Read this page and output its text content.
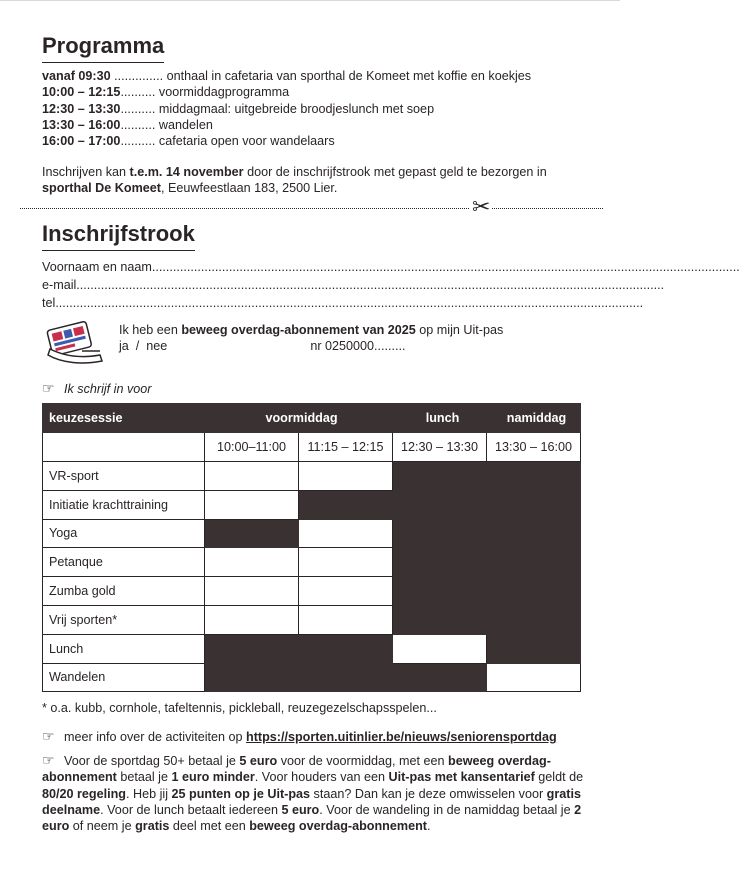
Programma
vanaf 09:30 .............. onthaal in cafetaria van sporthal de Komeet met koffie en koekjes
10:00 – 12:15.......... voormiddagprogramma
12:30 – 13:30.......... middagmaal: uitgebreide broodjeslunch met soep
13:30 – 16:00.......... wandelen
16:00 – 17:00.......... cafetaria open voor wandelaars
Inschrijven kan t.e.m. 14 november door de inschrijfstrook met gepast geld te bezorgen in sporthal De Komeet, Eeuwfeestlaan 183, 2500 Lier.
✂
Inschrijfstrook
Voornaam en naam........................................................................................................................................................................
e-mail........................................................................................................................................................................
tel........................................................................................................................................................................
Ik heb een beweeg overdag-abonnement van 2025 op mijn Uit-pas
ja  /  nee	nr 0250000.........
☞ Ik schrijf in voor
keuzesessie	voormiddag		lunch	namiddag
	10:00–11:00	11:15 – 12:15	12:30 – 13:30	13:30 – 16:00
VR-sport				
Initiatie krachttraining				
Yoga				
Petanque				
Zumba gold				
Vrij sporten*				
Lunch				
Wandelen				
* o.a. kubb, cornhole, tafeltennis, pickleball, reuzegezelschapsspelen...
☞ meer info over de activiteiten op https://sporten.uitinlier.be/nieuws/seniorensportdag
☞ Voor de sportdag 50+ betaal je 5 euro voor de voormiddag, met een beweeg overdag-abonnement betaal je 1 euro minder. Voor houders van een Uit-pas met kansentarief geldt de 80/20 regeling. Heb jij 25 punten op je Uit-pas staan? Dan kan je deze omwisselen voor gratis deelname. Voor de lunch betaalt iedereen 5 euro. Voor de wandeling in de namiddag betaal je 2 euro of neem je gratis deel met een beweeg overdag-abonnement.
